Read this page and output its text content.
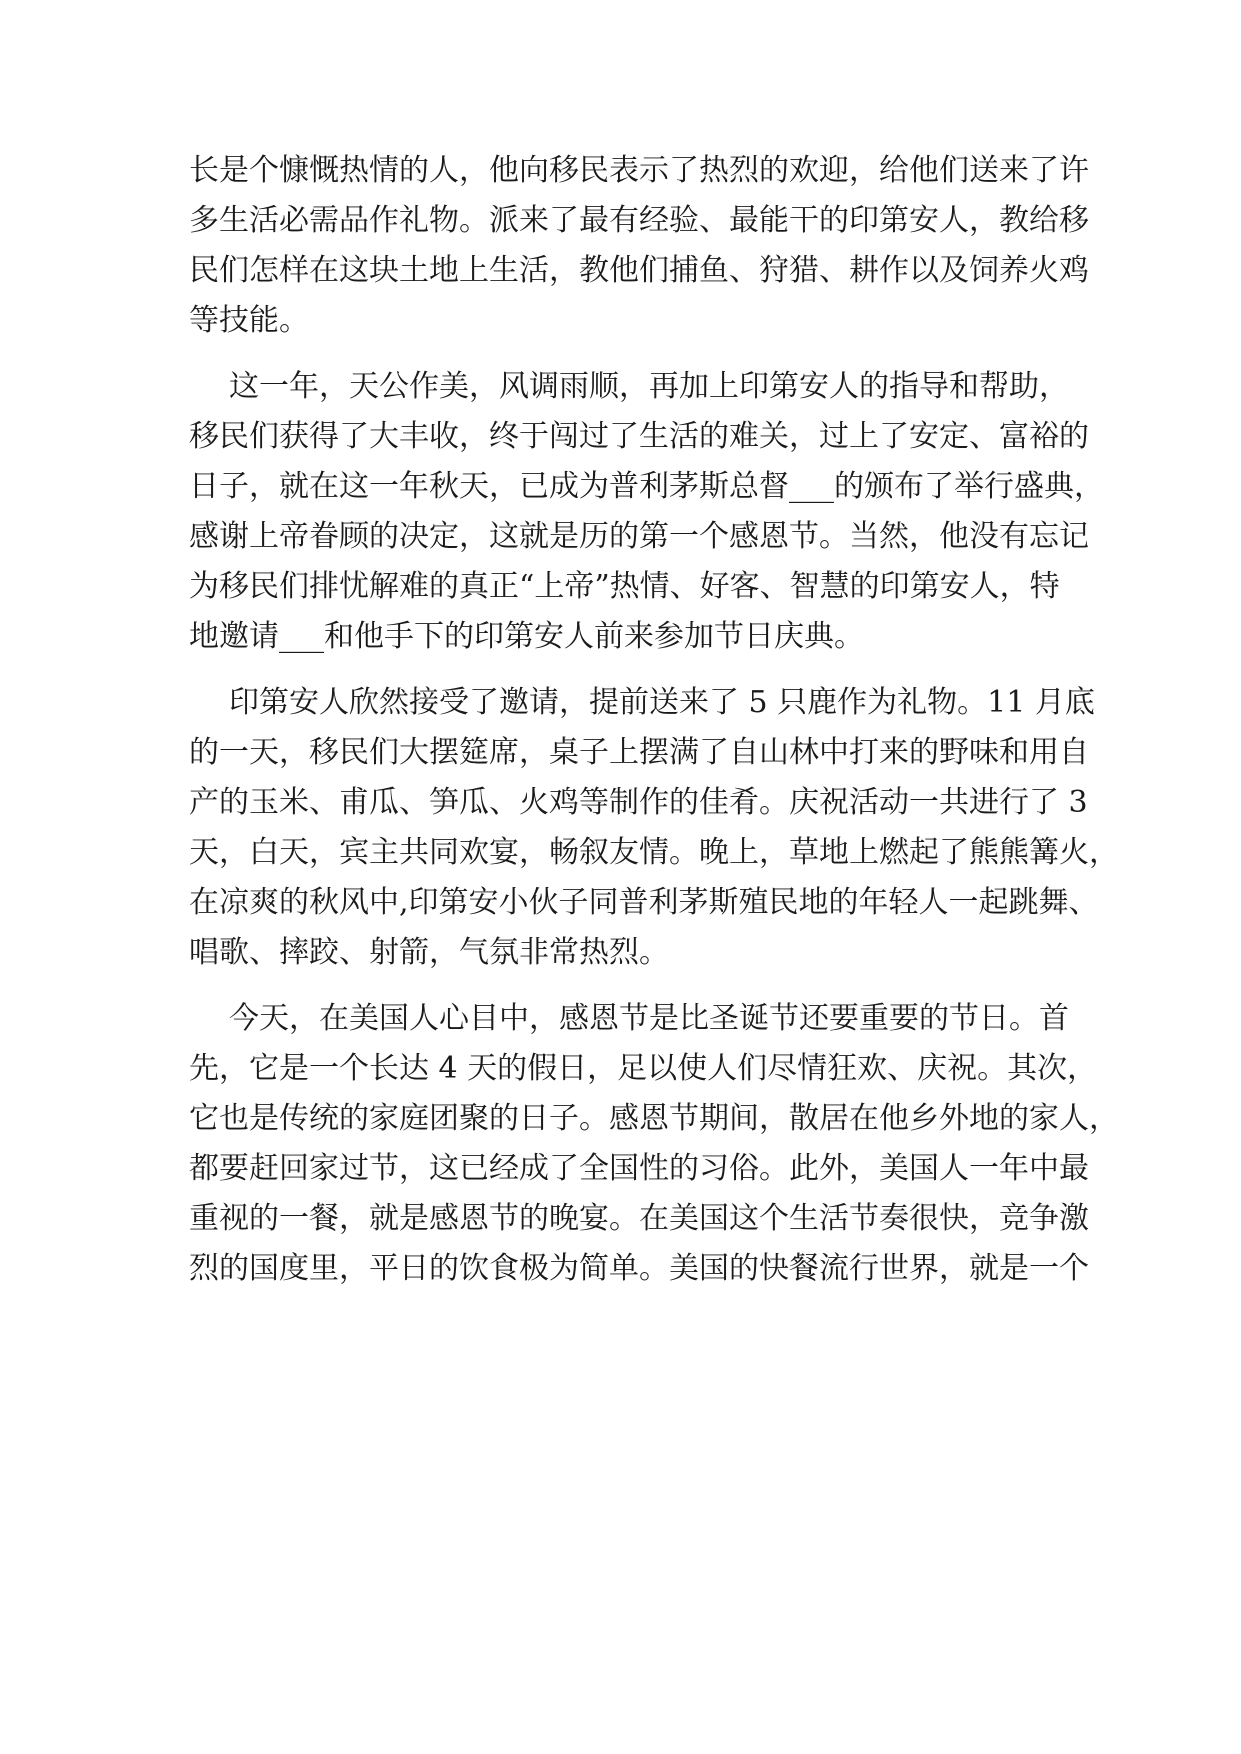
长是个慷慨热情的人，他向移民表示了热烈的欢迎，给他们送来了许
多生活必需品作礼物。派来了最有经验、最能干的印第安人，教给移
民们怎样在这块土地上生活，教他们捕鱼、狩猎、耕作以及饲养火鸡
等技能。
这一年，天公作美，风调雨顺，再加上印第安人的指导和帮助，
移民们获得了大丰收，终于闯过了生活的难关，过上了安定、富裕的
日子，就在这一年秋天，已成为普利茅斯总督___的颁布了举行盛典，
感谢上帝眷顾的决定，这就是历的第一个感恩节。当然，他没有忘记
为移民们排忧解难的真正“上帝”热情、好客、智慧的印第安人，特
地邀请___和他手下的印第安人前来参加节日庆典。
印第安人欣然接受了邀请，提前送来了 5 只鹿作为礼物。11 月底
的一天，移民们大摆筵席，桌子上摆满了自山林中打来的野味和用自
产的玉米、甫瓜、笋瓜、火鸡等制作的佳肴。庆祝活动一共进行了 3
天，白天，宾主共同欢宴，畅叙友情。晚上，草地上燃起了熊熊篝火，
在凉爽的秋风中,印第安小伙子同普利茅斯殖民地的年轻人一起跳舞、
唱歌、摔跤、射箭，气氛非常热烈。
今天，在美国人心目中，感恩节是比圣诞节还要重要的节日。首
先，它是一个长达 4 天的假日，足以使人们尽情狂欢、庆祝。其次，
它也是传统的家庭团聚的日子。感恩节期间，散居在他乡外地的家人，
都要赶回家过节，这已经成了全国性的习俗。此外，美国人一年中最
重视的一餐，就是感恩节的晚宴。在美国这个生活节奏很快，竞争激
烈的国度里，平日的饮食极为简单。美国的快餐流行世界，就是一个
